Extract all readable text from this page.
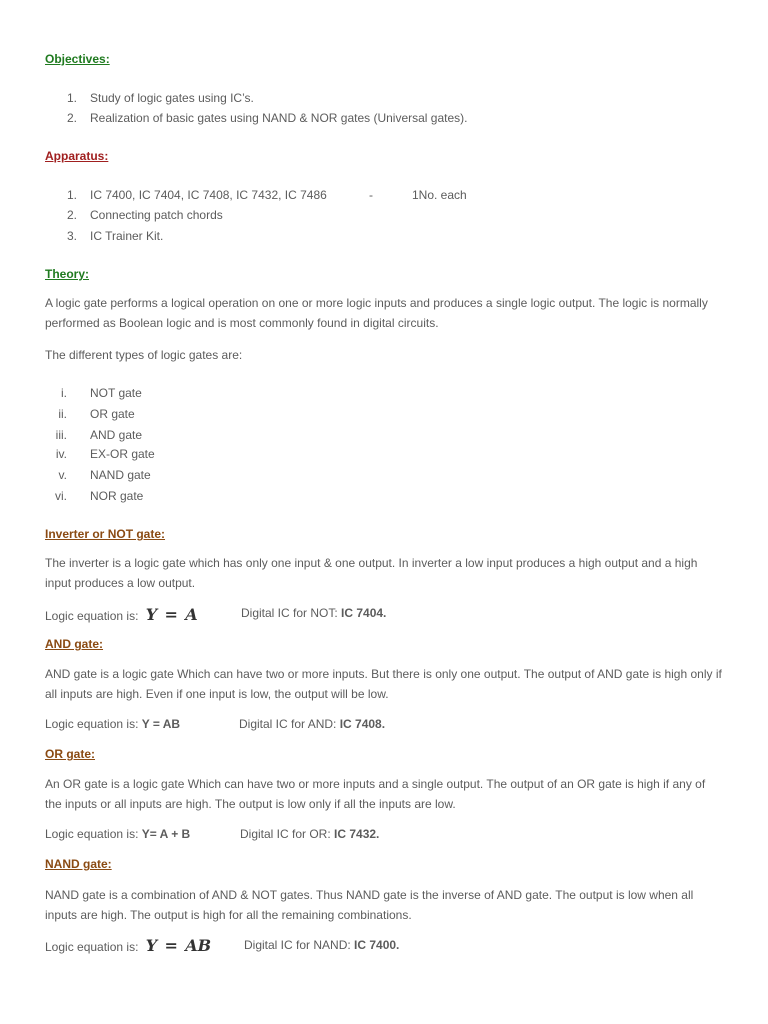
Objectives:
1. Study of logic gates using IC’s.
2. Realization of basic gates using NAND & NOR gates (Universal gates).
Apparatus:
1. IC 7400, IC 7404, IC 7408, IC 7432, IC 7486	-	1No. each
2. Connecting patch chords
3. IC Trainer Kit.
Theory:
A logic gate performs a logical operation on one or more logic inputs and produces a single logic output. The logic is normally performed as Boolean logic and is most commonly found in digital circuits.
The different types of logic gates are:
i. NOT gate
ii. OR gate
iii. AND gate
iv. EX-OR gate
v. NAND gate
vi. NOR gate
Inverter or NOT gate:
The inverter is a logic gate which has only one input & one output. In inverter a low input produces a high output and a high input produces a low output.
Logic equation is: Y = A	Digital IC for NOT: IC 7404.
AND gate:
AND gate is a logic gate Which can have two or more inputs. But there is only one output. The output of AND gate is high only if all inputs are high. Even if one input is low, the output will be low.
Logic equation is: Y = AB	Digital IC for AND: IC 7408.
OR gate:
An OR gate is a logic gate Which can have two or more inputs and a single output. The output of an OR gate is high if any of the inputs or all inputs are high. The output is low only if all the inputs are low.
Logic equation is: Y= A + B	Digital IC for OR: IC 7432.
NAND gate:
NAND gate is a combination of AND & NOT gates. Thus NAND gate is the inverse of AND gate. The output is low when all inputs are high. The output is high for all the remaining combinations.
Logic equation is: Y = AB	Digital IC for NAND: IC 7400.
